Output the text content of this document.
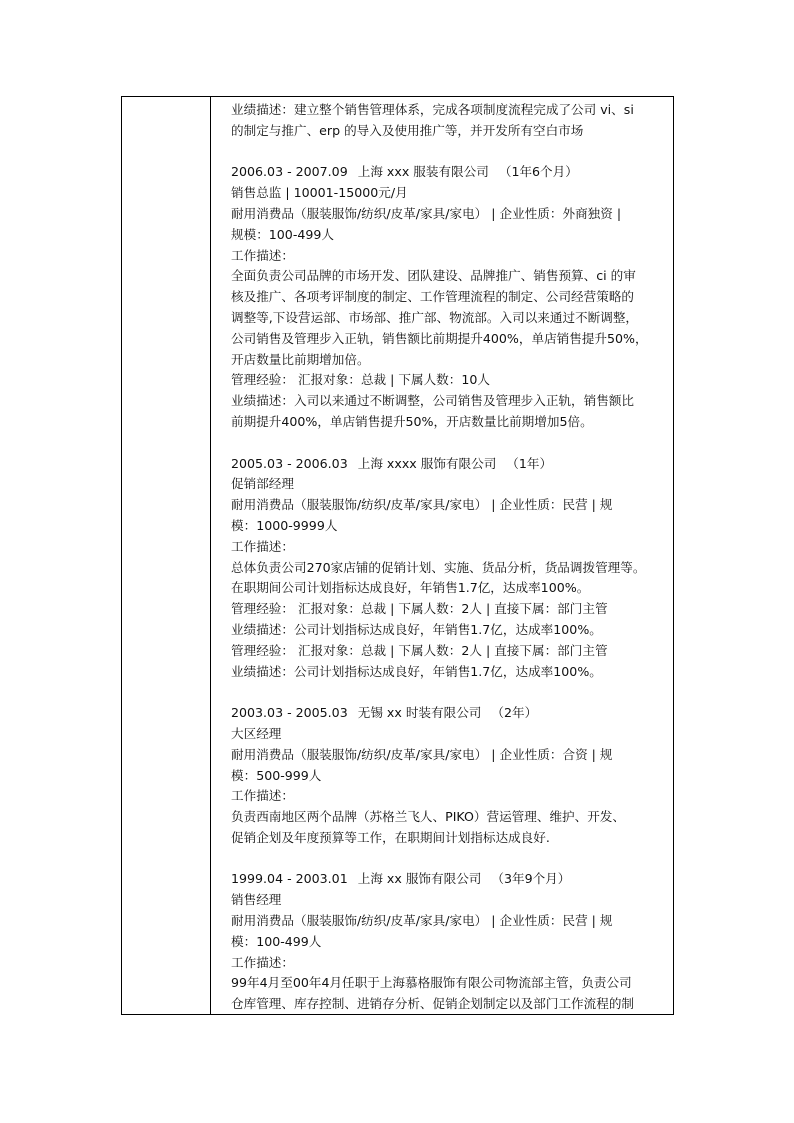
业绩描述：建立整个销售管理体系，完成各项制度流程完成了公司 vi、si
的制定与推广、erp 的导入及使用推广等，并开发所有空白市场
2006.03 - 2007.09 上海 xxx 服装有限公司 （1年6个月）
销售总监 | 10001-15000元/月
耐用消费品（服装服饰/纺织/皮革/家具/家电） | 企业性质：外商独资 |
规模：100-499人
工作描述：
全面负责公司品牌的市场开发、团队建设、品牌推广、销售预算、ci 的审
核及推广、各项考评制度的制定、工作管理流程的制定、公司经营策略的
调整等,下设营运部、市场部、推广部、物流部。入司以来通过不断调整，
公司销售及管理步入正轨，销售额比前期提升400%，单店销售提升50%，
开店数量比前期增加倍。
管理经验： 汇报对象：总裁 | 下属人数：10人
业绩描述：入司以来通过不断调整，公司销售及管理步入正轨，销售额比
前期提升400%，单店销售提升50%，开店数量比前期增加5倍。
2005.03 - 2006.03 上海 xxxx 服饰有限公司 （1年）
促销部经理
耐用消费品（服装服饰/纺织/皮革/家具/家电） | 企业性质：民营 | 规
模：1000-9999人
工作描述：
总体负责公司270家店铺的促销计划、实施、货品分析，货品调拨管理等。
在职期间公司计划指标达成良好，年销售1.7亿，达成率100%。
管理经验： 汇报对象：总裁 | 下属人数：2人 | 直接下属：部门主管
业绩描述：公司计划指标达成良好，年销售1.7亿，达成率100%。
管理经验： 汇报对象：总裁 | 下属人数：2人 | 直接下属：部门主管
业绩描述：公司计划指标达成良好，年销售1.7亿，达成率100%。
2003.03 - 2005.03 无锡 xx 时装有限公司 （2年）
大区经理
耐用消费品（服装服饰/纺织/皮革/家具/家电） | 企业性质：合资 | 规
模：500-999人
工作描述：
负责西南地区两个品牌（苏格兰飞人、PIKO）营运管理、维护、开发、
促销企划及年度预算等工作，在职期间计划指标达成良好.
1999.04 - 2003.01 上海 xx 服饰有限公司 （3年9个月）
销售经理
耐用消费品（服装服饰/纺织/皮革/家具/家电） | 企业性质：民营 | 规
模：100-499人
工作描述：
99年4月至00年4月任职于上海慕格服饰有限公司物流部主管，负责公司
仓库管理、库存控制、进销存分析、促销企划制定以及部门工作流程的制
